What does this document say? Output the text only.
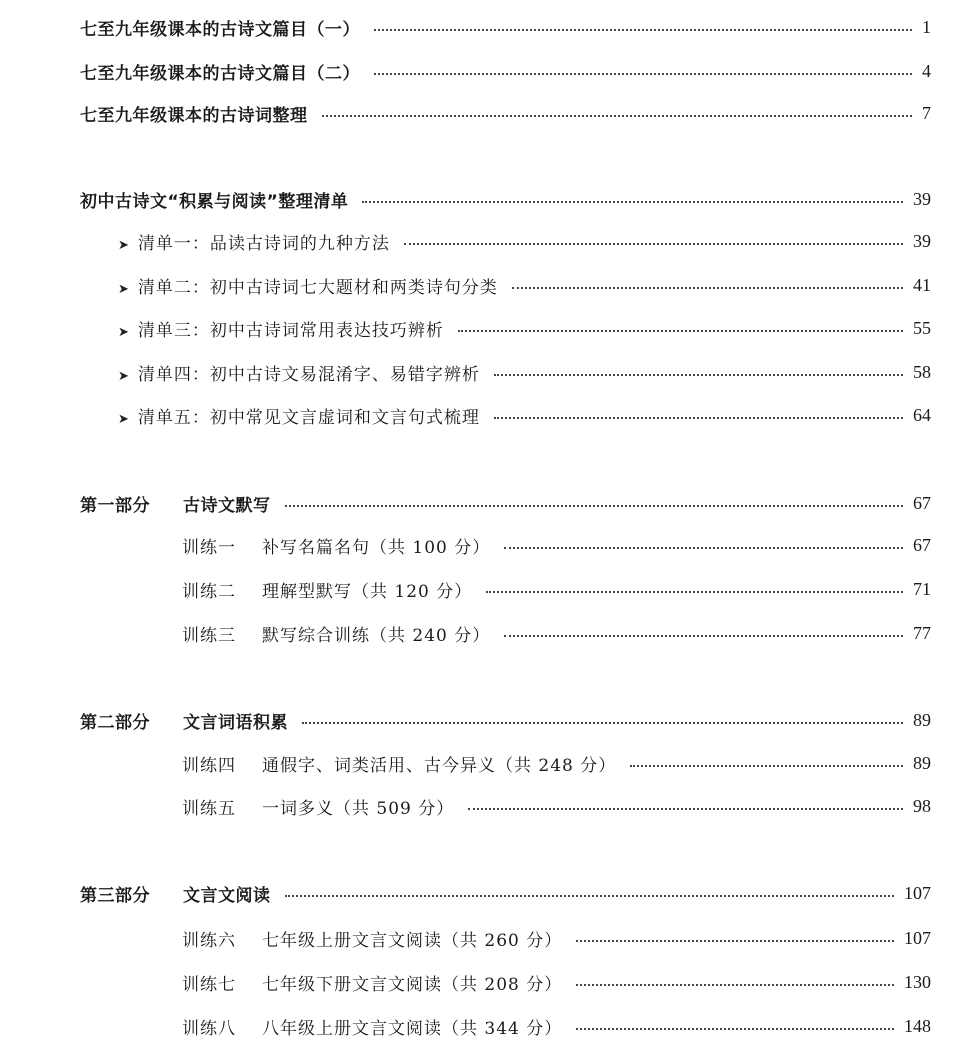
七至九年级课本的古诗文篇目（一）	1
七至九年级课本的古诗文篇目（二）	4
七至九年级课本的古诗词整理	7
初中古诗文“积累与阅读”整理清单	39
➤ 清单一：品读古诗词的九种方法	39
➤ 清单二：初中古诗词七大题材和两类诗句分类	41
➤ 清单三：初中古诗词常用表达技巧辨析	55
➤ 清单四：初中古诗文易混淆字、易错字辨析	58
➤ 清单五：初中常见文言虚词和文言句式梳理	64
第一部分 古诗文默写	67
训练一 补写名篇名句（共 100 分）	67
训练二 理解型默写（共 120 分）	71
训练三 默写综合训练（共 240 分）	77
第二部分 文言词语积累	89
训练四 通假字、词类活用、古今异义（共 248 分）	89
训练五 一词多义（共 509 分）	98
第三部分 文言文阅读	107
训练六 七年级上册文言文阅读（共 260 分）	107
训练七 七年级下册文言文阅读（共 208 分）	130
训练八 八年级上册文言文阅读（共 344 分）	148
